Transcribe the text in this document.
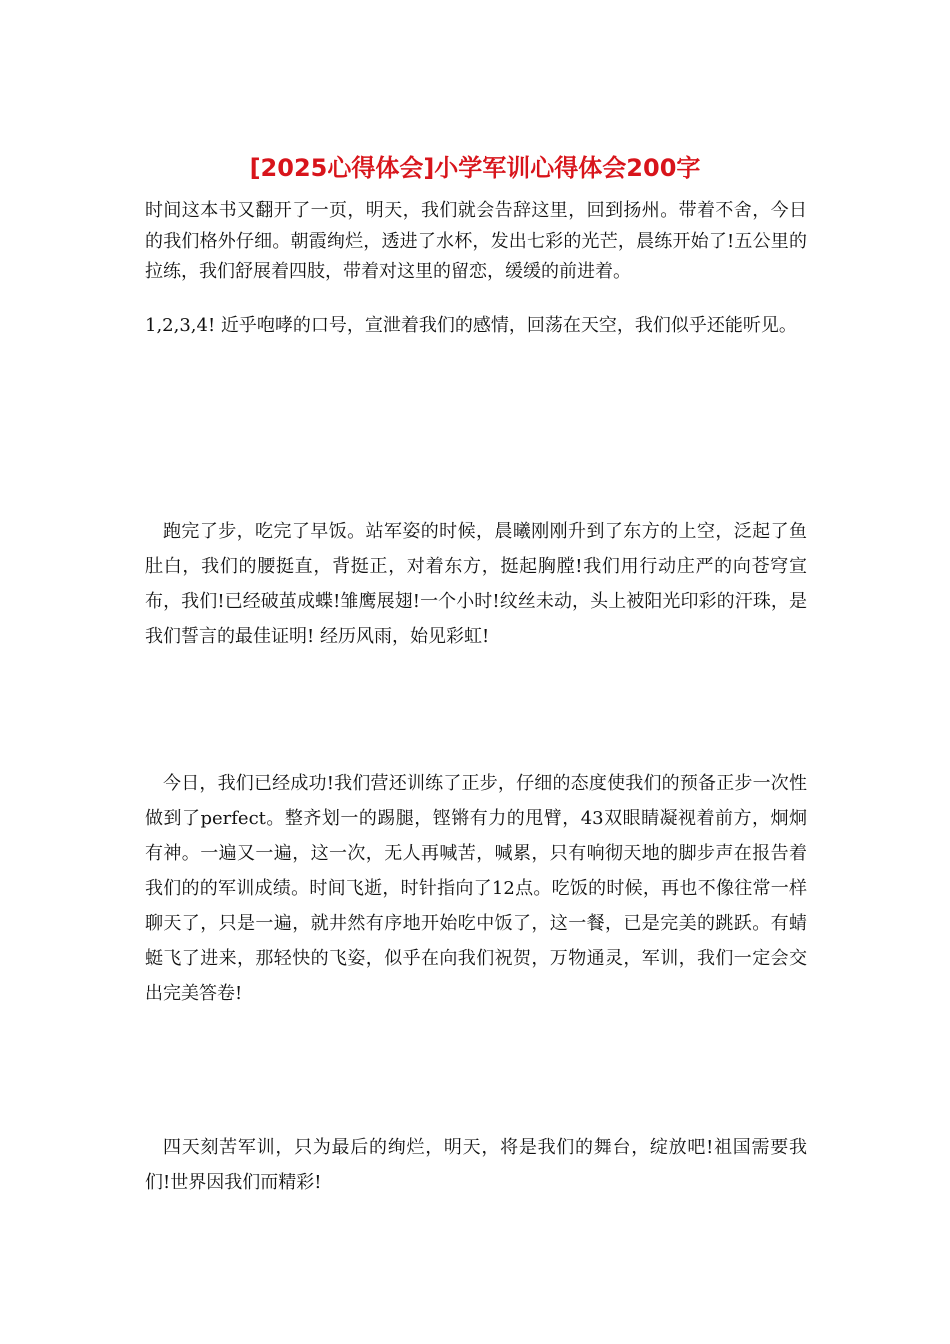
[2025心得体会]小学军训心得体会200字

时间这本书又翻开了一页，明天，我们就会告辞这里，回到扬州。带着不舍，今日的我们格外仔细。朝霞绚烂，透进了水杯，发出七彩的光芒，晨练开始了!五公里的拉练，我们舒展着四肢，带着对这里的留恋，缓缓的前进着。

1,2,3,4! 近乎咆哮的口号，宣泄着我们的感情，回荡在天空，我们似乎还能听见。

跑完了步，吃完了早饭。站军姿的时候，晨曦刚刚升到了东方的上空，泛起了鱼肚白，我们的腰挺直，背挺正，对着东方，挺起胸膛!我们用行动庄严的向苍穹宣布，我们!已经破茧成蝶!雏鹰展翅!一个小时!纹丝未动，头上被阳光印彩的汗珠，是我们誓言的最佳证明! 经历风雨，始见彩虹!

今日，我们已经成功!我们营还训练了正步，仔细的态度使我们的预备正步一次性做到了perfect。整齐划一的踢腿，铿锵有力的甩臂，43双眼睛凝视着前方，炯炯有神。一遍又一遍，这一次，无人再喊苦，喊累，只有响彻天地的脚步声在报告着我们的的军训成绩。时间飞逝，时针指向了12点。吃饭的时候，再也不像往常一样聊天了，只是一遍，就井然有序地开始吃中饭了，这一餐，已是完美的跳跃。有蜻蜓飞了进来，那轻快的飞姿，似乎在向我们祝贺，万物通灵，军训，我们一定会交出完美答卷!

四天刻苦军训，只为最后的绚烂，明天，将是我们的舞台，绽放吧!祖国需要我们!世界因我们而精彩!
